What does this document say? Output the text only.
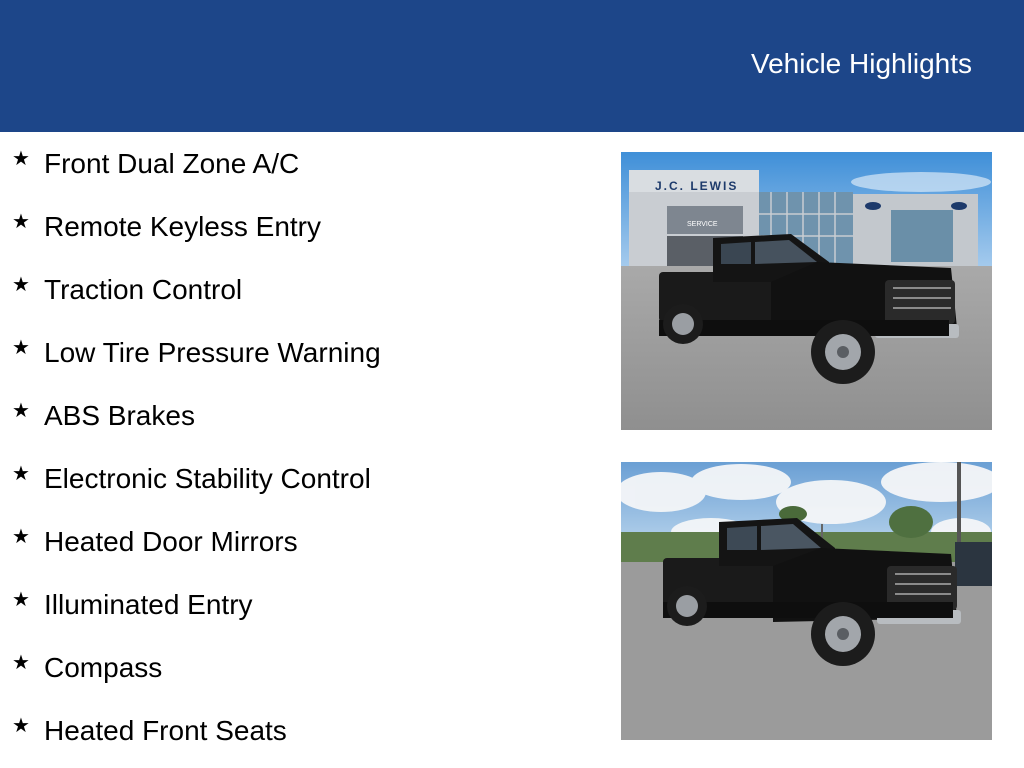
Vehicle Highlights
★ Front Dual Zone A/C
★ Remote Keyless Entry
★ Traction Control
★ Low Tire Pressure Warning
★ ABS Brakes
★ Electronic Stability Control
★ Heated Door Mirrors
★ Illuminated Entry
★ Compass
★ Heated Front Seats
J.C. LEWIS
SERVICE
